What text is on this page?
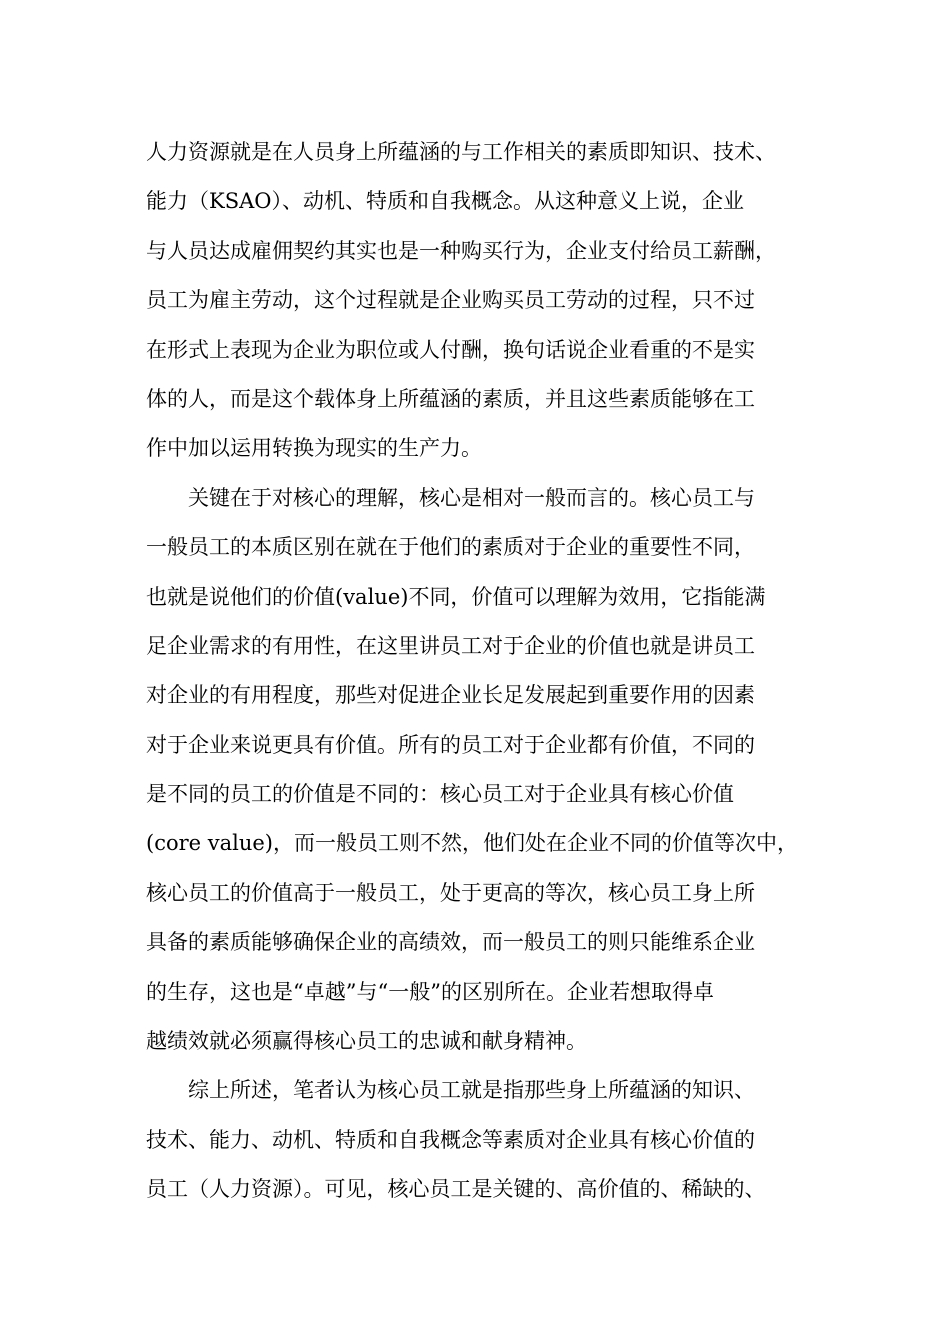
人力资源就是在人员身上所蕴涵的与工作相关的素质即知识、技术、
能力（KSAO）、动机、特质和自我概念。从这种意义上说，企业
与人员达成雇佣契约其实也是一种购买行为，企业支付给员工薪酬，
员工为雇主劳动，这个过程就是企业购买员工劳动的过程，只不过
在形式上表现为企业为职位或人付酬，换句话说企业看重的不是实
体的人，而是这个载体身上所蕴涵的素质，并且这些素质能够在工
作中加以运用转换为现实的生产力。
关键在于对核心的理解，核心是相对一般而言的。核心员工与
一般员工的本质区别在就在于他们的素质对于企业的重要性不同，
也就是说他们的价值(value)不同，价值可以理解为效用，它指能满
足企业需求的有用性，在这里讲员工对于企业的价值也就是讲员工
对企业的有用程度，那些对促进企业长足发展起到重要作用的因素
对于企业来说更具有价值。所有的员工对于企业都有价值，不同的
是不同的员工的价值是不同的：核心员工对于企业具有核心价值
(core value)，而一般员工则不然，他们处在企业不同的价值等次中，
核心员工的价值高于一般员工，处于更高的等次，核心员工身上所
具备的素质能够确保企业的高绩效，而一般员工的则只能维系企业
的生存，这也是“卓越”与“一般”的区别所在。企业若想取得卓
越绩效就必须赢得核心员工的忠诚和献身精神。
综上所述，笔者认为核心员工就是指那些身上所蕴涵的知识、
技术、能力、动机、特质和自我概念等素质对企业具有核心价值的
员工（人力资源）。可见，核心员工是关键的、高价值的、稀缺的、
